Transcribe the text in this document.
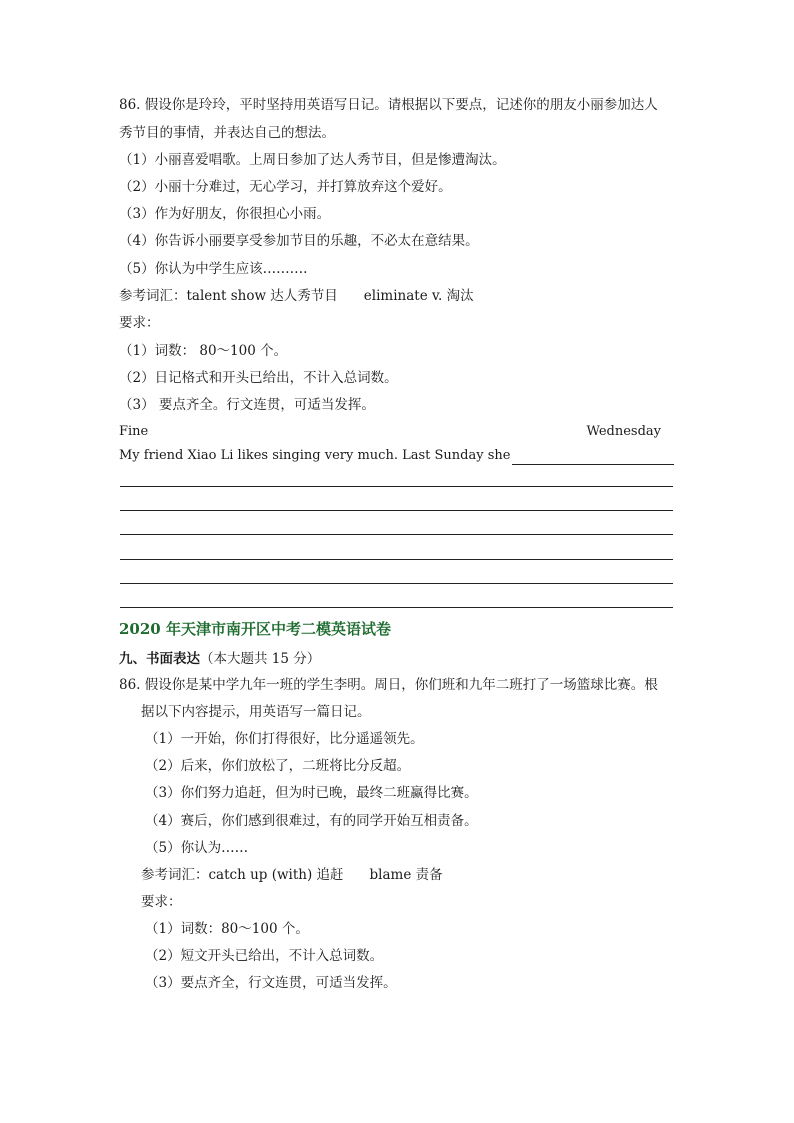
86. 假设你是玲玲，平时坚持用英语写日记。请根据以下要点，记述你的朋友小丽参加达人
秀节目的事情，并表达自己的想法。
（1）小丽喜爱唱歌。上周日参加了达人秀节目，但是惨遭淘汰。
（2）小丽十分难过，无心学习，并打算放弃这个爱好。
（3）作为好朋友，你很担心小雨。
（4）你告诉小丽要享受参加节目的乐趣，不必太在意结果。
（5）你认为中学生应该……….
参考词汇：talent show 达人秀节目 eliminate v. 淘汰
要求：
（1）词数： 80～100 个。
（2）日记格式和开头已给出，不计入总词数。
（3） 要点齐全。行文连贯，可适当发挥。
Fine	Wednesday
My friend Xiao Li likes singing very much. Last Sunday she
2020 年天津市南开区中考二模英语试卷
九、书面表达（本大题共 15 分）
86. 假设你是某中学九年一班的学生李明。周日，你们班和九年二班打了一场篮球比赛。根
据以下内容提示，用英语写一篇日记。
（1）一开始，你们打得很好，比分遥遥领先。
（2）后来，你们放松了，二班将比分反超。
（3）你们努力追赶，但为时已晚，最终二班赢得比赛。
（4）赛后，你们感到很难过，有的同学开始互相责备。
（5）你认为……
参考词汇：catch up (with) 追赶 blame 责备
要求：
（1）词数：80～100 个。
（2）短文开头已给出，不计入总词数。
（3）要点齐全，行文连贯，可适当发挥。
